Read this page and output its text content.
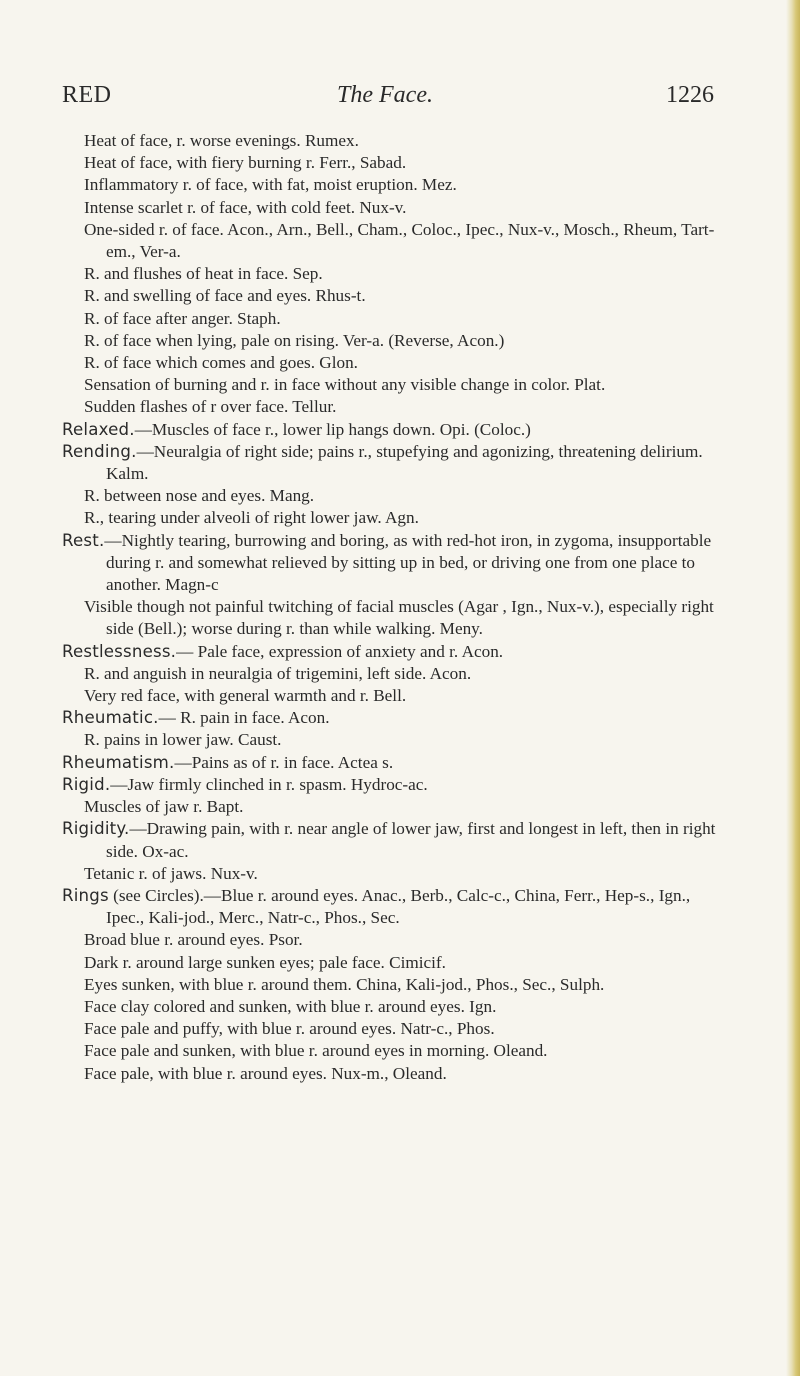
RED	The Face.	1226

Heat of face, r. worse evenings. Rumex.

Heat of face, with fiery burning r. Ferr., Sabad.

Inflammatory r. of face, with fat, moist eruption. Mez.

Intense scarlet r. of face, with cold feet. Nux-v.

One-sided r. of face. Acon., Arn., Bell., Cham., Coloc., Ipec., Nux-v., Mosch., Rheum, Tart-em., Ver-a.

R. and flushes of heat in face. Sep.

R. and swelling of face and eyes. Rhus-t.

R. of face after anger. Staph.

R. of face when lying, pale on rising. Ver-a. (Reverse, Acon.)

R. of face which comes and goes. Glon.

Sensation of burning and r. in face without any visible change in color. Plat.

Sudden flashes of r over face. Tellur.

Relaxed.—Muscles of face r., lower lip hangs down. Opi. (Coloc.)

Rending.—Neuralgia of right side; pains r., stupefying and agonizing, threatening delirium. Kalm.

R. between nose and eyes. Mang.

R., tearing under alveoli of right lower jaw. Agn.

Rest.—Nightly tearing, burrowing and boring, as with red-hot iron, in zygoma, insupportable during r. and somewhat relieved by sitting up in bed, or driving one from one place to another. Magn-c

Visible though not painful twitching of facial muscles (Agar , Ign., Nux-v.), especially right side (Bell.); worse during r. than while walking. Meny.

Restlessness.— Pale face, expression of anxiety and r. Acon.

R. and anguish in neuralgia of trigemini, left side. Acon.

Very red face, with general warmth and r. Bell.

Rheumatic.— R. pain in face. Acon.

R. pains in lower jaw. Caust.

Rheumatism.—Pains as of r. in face. Actea s.

Rigid.—Jaw firmly clinched in r. spasm. Hydroc-ac.

Muscles of jaw r. Bapt.

Rigidity.—Drawing pain, with r. near angle of lower jaw, first and longest in left, then in right side. Ox-ac.

Tetanic r. of jaws. Nux-v.

Rings (see Circles).—Blue r. around eyes. Anac., Berb., Calc-c., China, Ferr., Hep-s., Ign., Ipec., Kali-jod., Merc., Natr-c., Phos., Sec.

Broad blue r. around eyes. Psor.

Dark r. around large sunken eyes; pale face. Cimicif.

Eyes sunken, with blue r. around them. China, Kali-jod., Phos., Sec., Sulph.

Face clay colored and sunken, with blue r. around eyes. Ign.

Face pale and puffy, with blue r. around eyes. Natr-c., Phos.

Face pale and sunken, with blue r. around eyes in morning. Oleand.

Face pale, with blue r. around eyes. Nux-m., Oleand.
